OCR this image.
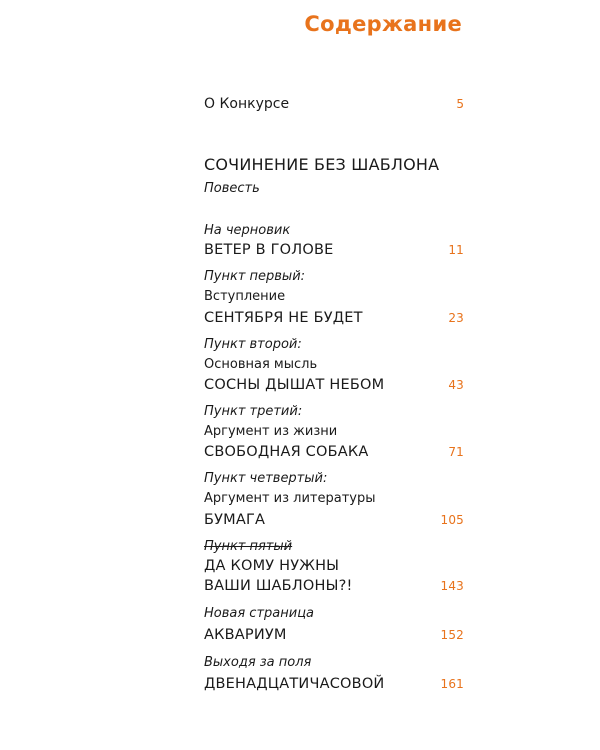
Содержание
О Конкурсе	5
СОЧИНЕНИЕ БЕЗ ШАБЛОНА
Повесть
На черновик
ВЕТЕР В ГОЛОВЕ	11
Пункт первый:
Вступление
СЕНТЯБРЯ НЕ БУДЕТ	23
Пункт второй:
Основная мысль
СОСНЫ ДЫШАТ НЕБОМ	43
Пункт третий:
Аргумент из жизни
СВОБОДНАЯ СОБАКА	71
Пункт четвертый:
Аргумент из литературы
БУМАГА	105
Пункт пятый
ДА КОМУ НУЖНЫ
ВАШИ ШАБЛОНЫ?!	143
Новая страница
АКВАРИУМ	152
Выходя за поля
ДВЕНАДЦАТИЧАСОВОЙ	161
